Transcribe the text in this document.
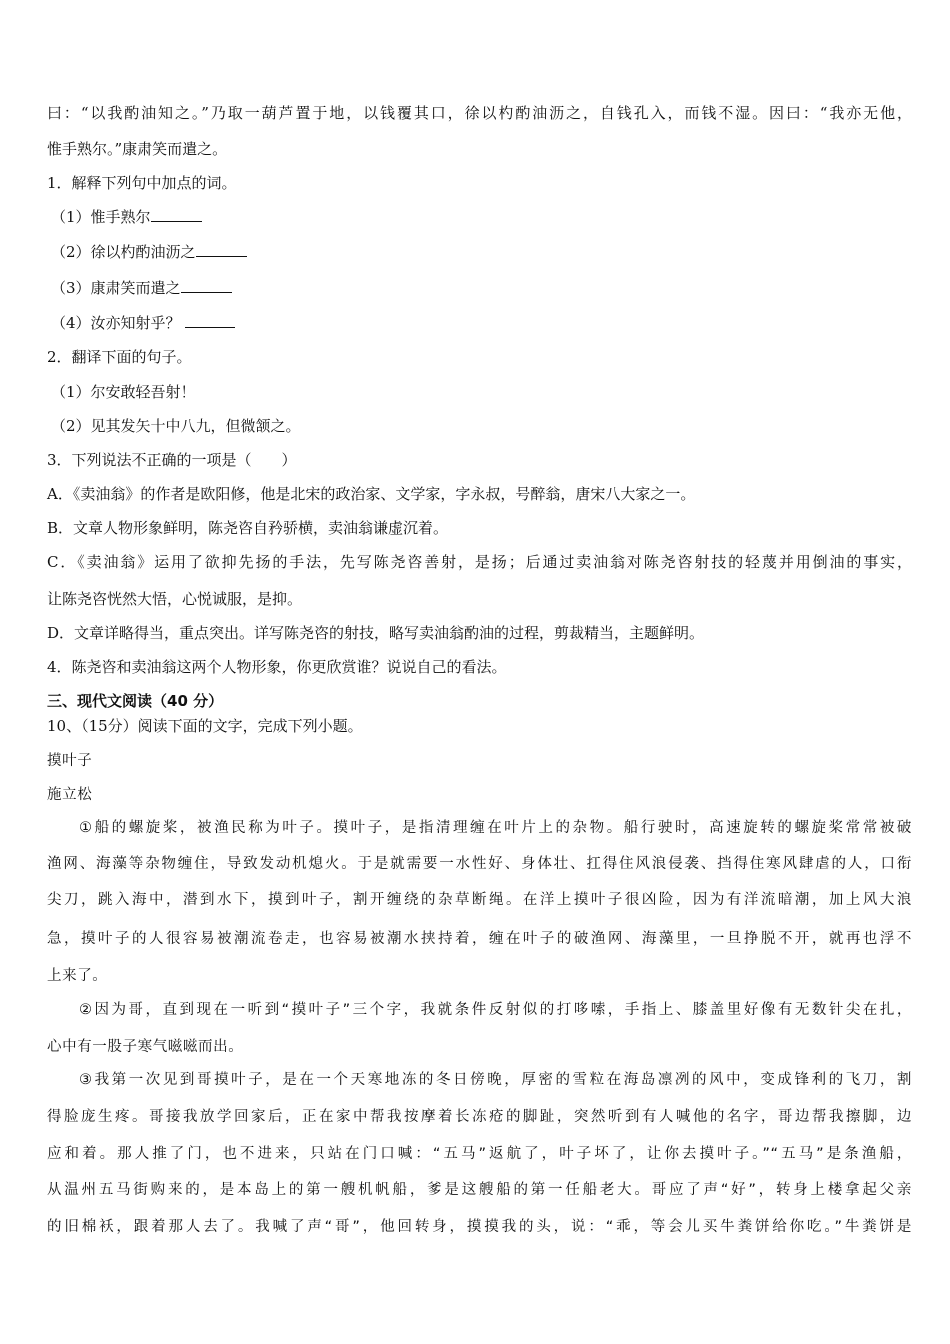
曰：“以我酌油知之。”乃取一葫芦置于地，以钱覆其口，徐以杓酌油沥之，自钱孔入，而钱不湿。因曰：“我亦无他，
惟手熟尔。”康肃笑而遣之。
1．解释下列句中加点的词。
（1）惟手熟尔
（2）徐以杓酌油沥之
（3）康肃笑而遣之
（4）汝亦知射乎？
2．翻译下面的句子。
（1）尔安敢轻吾射！
（2）见其发矢十中八九，但微颔之。
3．下列说法不正确的一项是（　　）
A．《卖油翁》的作者是欧阳修，他是北宋的政治家、文学家，字永叔，号醉翁，唐宋八大家之一。
B．文章人物形象鲜明，陈尧咨自矜骄横，卖油翁谦虚沉着。
C．《卖油翁》运用了欲抑先扬的手法，先写陈尧咨善射，是扬；后通过卖油翁对陈尧咨射技的轻蔑并用倒油的事实，
让陈尧咨恍然大悟，心悦诚服，是抑。
D．文章详略得当，重点突出。详写陈尧咨的射技，略写卖油翁酌油的过程，剪裁精当，主题鲜明。
4．陈尧咨和卖油翁这两个人物形象，你更欣赏谁？说说自己的看法。
三、现代文阅读（40 分）
10、（15分）阅读下面的文字，完成下列小题。
摸叶子
施立松
①船的螺旋桨，被渔民称为叶子。摸叶子，是指清理缠在叶片上的杂物。船行驶时，高速旋转的螺旋桨常常被破
渔网、海藻等杂物缠住，导致发动机熄火。于是就需要一水性好、身体壮、扛得住风浪侵袭、挡得住寒风肆虐的人，口衔
尖刀，跳入海中，潜到水下，摸到叶子，割开缠绕的杂草断绳。在洋上摸叶子很凶险，因为有洋流暗潮，加上风大浪
急，摸叶子的人很容易被潮流卷走，也容易被潮水挟持着，缠在叶子的破渔网、海藻里，一旦挣脱不开，就再也浮不
上来了。
②因为哥，直到现在一听到“摸叶子”三个字，我就条件反射似的打哆嗦，手指上、膝盖里好像有无数针尖在扎，
心中有一股子寒气嗞嗞而出。
③我第一次见到哥摸叶子，是在一个天寒地冻的冬日傍晚，厚密的雪粒在海岛凛冽的风中，变成锋利的飞刀，割
得脸庞生疼。哥接我放学回家后，正在家中帮我按摩着长冻疮的脚趾，突然听到有人喊他的名字，哥边帮我擦脚，边
应和着。那人推了门，也不进来，只站在门口喊：“五马”返航了，叶子坏了，让你去摸叶子。”“五马”是条渔船，
从温州五马街购来的，是本岛上的第一艘机帆船，爹是这艘船的第一任船老大。哥应了声“好”，转身上楼拿起父亲
的旧棉袄，跟着那人去了。我喊了声“哥”，他回转身，摸摸我的头，说：“乖，等会儿买牛粪饼给你吃。”牛粪饼是
